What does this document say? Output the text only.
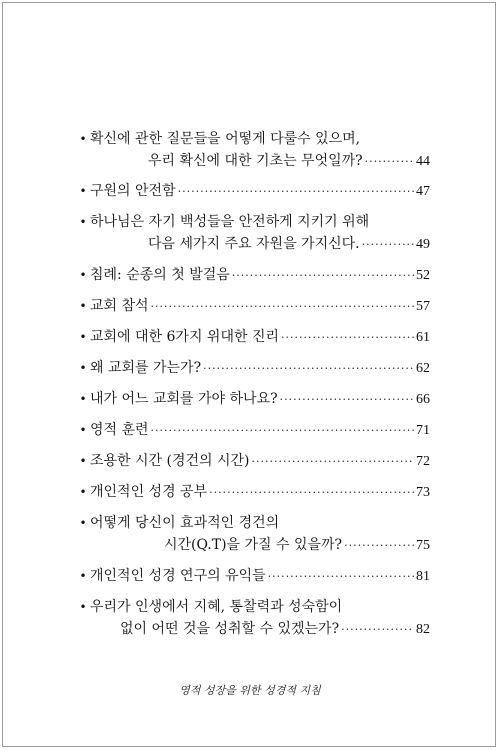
• 확신에 관한 질문들을 어떻게 다룰수 있으며,
우리 확신에 대한 기초는 무엇일까? ·····	44
• 구원의 안전함 ·····	47
• 하나님은 자기 백성들을 안전하게 지키기 위해
다음 세가지 주요 자원을 가지신다. ·····	49
• 침례: 순종의 첫 발걸음 ·····	52
• 교회 참석 ·····	57
• 교회에 대한 6가지 위대한 진리 ·····	61
• 왜 교회를 가는가? ·····	62
• 내가 어느 교회를 가야 하나요? ·····	66
• 영적 훈련 ·····	71
• 조용한 시간 (경건의 시간) ·····	72
• 개인적인 성경 공부 ·····	73
• 어떻게 당신이 효과적인 경건의
시간(Q.T)을 가질 수 있을까? ·····	75
• 개인적인 성경 연구의 유익들 ·····	81
• 우리가 인생에서 지혜, 통찰력과 성숙함이
없이 어떤 것을 성취할 수 있겠는가? ·····	82
영적 성장을 위한 성경적 지침
